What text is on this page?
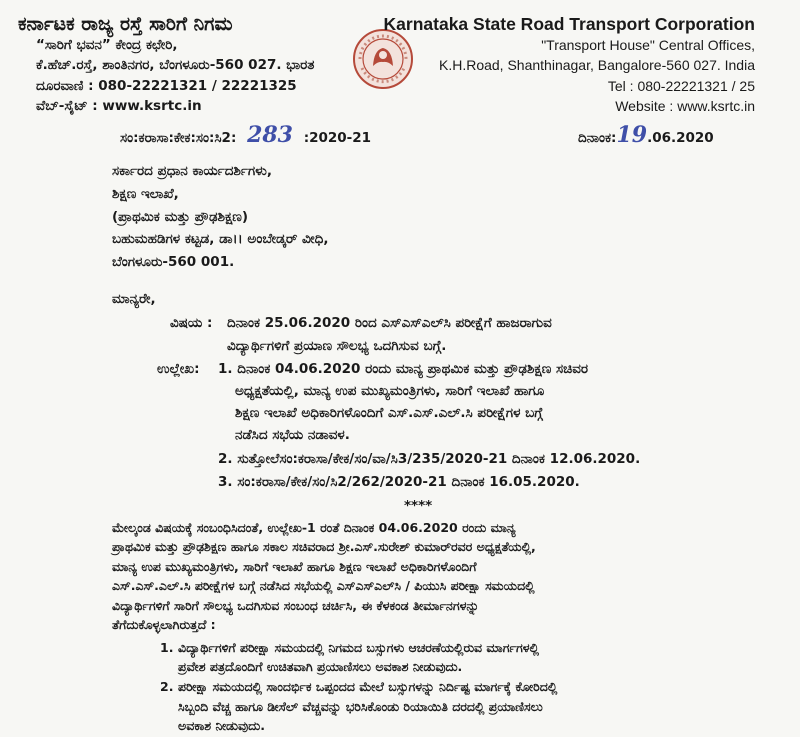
ಕರ್ನಾಟಕ ರಾಜ್ಯ ರಸ್ತೆ ಸಾರಿಗೆ ನಿಗಮ
“ಸಾರಿಗೆ ಭವನ” ಕೇಂದ್ರ ಕಛೇರಿ,
ಕೆ.ಹೆಚ್.ರಸ್ತೆ, ಶಾಂತಿನಗರ, ಬೆಂಗಳೂರು-560 027. ಭಾರತ
ದೂರವಾಣಿ : 080-22221321 / 22221325
ವೆಬ್-ಸೈಟ್ : www.ksrtc.in
Karnataka State Road Transport Corporation
"Transport House" Central Offices,
K.H.Road, Shanthinagar, Bangalore-560 027. India
Tel : 080-22221321 / 25
Website : www.ksrtc.in
ಸಂ:ಕರಾಸಾ:ಕೇಕ:ಸಂ:ಸಿ2: 283 :2020-21	ದಿನಾಂಕ:19.06.2020
ಸರ್ಕಾರದ ಪ್ರಧಾನ ಕಾರ್ಯದರ್ಶಿಗಳು,
ಶಿಕ್ಷಣ ಇಲಾಖೆ,
(ಪ್ರಾಥಮಿಕ ಮತ್ತು ಪ್ರೌಢಶಿಕ್ಷಣ)
ಬಹುಮಹಡಿಗಳ ಕಟ್ಟಡ, ಡಾ।। ಅಂಬೇಡ್ಕರ್ ವೀಧಿ,
ಬೆಂಗಳೂರು-560 001.
ಮಾನ್ಯರೇ,
ವಿಷಯ : ದಿನಾಂಕ 25.06.2020 ರಿಂದ ಎಸ್‌ಎಸ್‌ಎಲ್‌ಸಿ ಪರೀಕ್ಷೆಗೆ ಹಾಜರಾಗುವ
ವಿದ್ಯಾರ್ಥಿಗಳಿಗೆ ಪ್ರಯಾಣ ಸೌಲಭ್ಯ ಒದಗಿಸುವ ಬಗ್ಗೆ.
ಉಲ್ಲೇಖ: 1. ದಿನಾಂಕ 04.06.2020 ರಂದು ಮಾನ್ಯ ಪ್ರಾಥಮಿಕ ಮತ್ತು ಪ್ರೌಢಶಿಕ್ಷಣ ಸಚಿವರ
ಅಧ್ಯಕ್ಷತೆಯಲ್ಲಿ, ಮಾನ್ಯ ಉಪ ಮುಖ್ಯಮಂತ್ರಿಗಳು, ಸಾರಿಗೆ ಇಲಾಖೆ ಹಾಗೂ
ಶಿಕ್ಷಣ ಇಲಾಖೆ ಅಧಿಕಾರಿಗಳೊಂದಿಗೆ ಎಸ್.ಎಸ್.ಎಲ್.ಸಿ ಪರೀಕ್ಷೆಗಳ ಬಗ್ಗೆ
ನಡೆಸಿದ ಸಭೆಯ ನಡಾವಳ.
2. ಸುತ್ತೋಲೆಸಂ:ಕರಾಸಾ/ಕೇಕ/ಸಂ/ವಾ/ಸಿ3/235/2020-21 ದಿನಾಂಕ 12.06.2020.
3. ಸಂ:ಕರಾಸಾ/ಕೇಕ/ಸಂ/ಸಿ2/262/2020-21 ದಿನಾಂಕ 16.05.2020.
****
ಮೇಲ್ಕಂಡ ವಿಷಯಕ್ಕೆ ಸಂಬಂಧಿಸಿದಂತೆ, ಉಲ್ಲೇಖ-1 ರಂತೆ ದಿನಾಂಕ 04.06.2020 ರಂದು ಮಾನ್ಯ
ಪ್ರಾಥಮಿಕ ಮತ್ತು ಪ್ರೌಢಶಿಕ್ಷಣ ಹಾಗೂ ಸಕಾಲ ಸಚಿವರಾದ ಶ್ರೀ.ಎಸ್.ಸುರೇಶ್ ಕುಮಾರ್‌ರವರ ಅಧ್ಯಕ್ಷತೆಯಲ್ಲಿ,
ಮಾನ್ಯ ಉಪ ಮುಖ್ಯಮಂತ್ರಿಗಳು, ಸಾರಿಗೆ ಇಲಾಖೆ ಹಾಗೂ ಶಿಕ್ಷಣ ಇಲಾಖೆ ಅಧಿಕಾರಿಗಳೊಂದಿಗೆ
ಎಸ್.ಎಸ್.ಎಲ್.ಸಿ ಪರೀಕ್ಷೆಗಳ ಬಗ್ಗೆ ನಡೆಸಿದ ಸಭೆಯಲ್ಲಿ ಎಸ್‌ಎಸ್‌ಎಲ್‌ಸಿ / ಪಿಯುಸಿ ಪರೀಕ್ಷಾ ಸಮಯದಲ್ಲಿ
ವಿದ್ಯಾರ್ಥಿಗಳಿಗೆ ಸಾರಿಗೆ ಸೌಲಭ್ಯ ಒದಗಿಸುವ ಸಂಬಂಧ ಚರ್ಚಿಸಿ, ಈ ಕೆಳಕಂಡ ತೀರ್ಮಾನಗಳನ್ನು
ತೆಗೆದುಕೊಳ್ಳಲಾಗಿರುತ್ತದೆ :
1. ವಿದ್ಯಾರ್ಥಿಗಳಿಗೆ ಪರೀಕ್ಷಾ ಸಮಯದಲ್ಲಿ ನಿಗಮದ ಬಸ್ಸುಗಳು ಆಚರಣೆಯಲ್ಲಿರುವ ಮಾರ್ಗಗಳಲ್ಲಿ
ಪ್ರವೇಶ ಪತ್ರದೊಂದಿಗೆ ಉಚಿತವಾಗಿ ಪ್ರಯಾಣಿಸಲು ಅವಕಾಶ ನೀಡುವುದು.
2. ಪರೀಕ್ಷಾ ಸಮಯದಲ್ಲಿ ಸಾಂದರ್ಭಿಕ ಒಪ್ಪಂದದ ಮೇಲೆ ಬಸ್ಸುಗಳನ್ನು ನಿರ್ದಿಷ್ಟ ಮಾರ್ಗಕ್ಕೆ ಕೋರಿದಲ್ಲಿ
ಸಿಬ್ಬಂದಿ ವೆಚ್ಚ ಹಾಗೂ ಡೀಸೆಲ್ ವೆಚ್ಚವನ್ನು ಭರಿಸಿಕೊಂಡು ರಿಯಾಯಿತಿ ದರದಲ್ಲಿ ಪ್ರಯಾಣಿಸಲು
ಅವಕಾಶ ನೀಡುವುದು.
